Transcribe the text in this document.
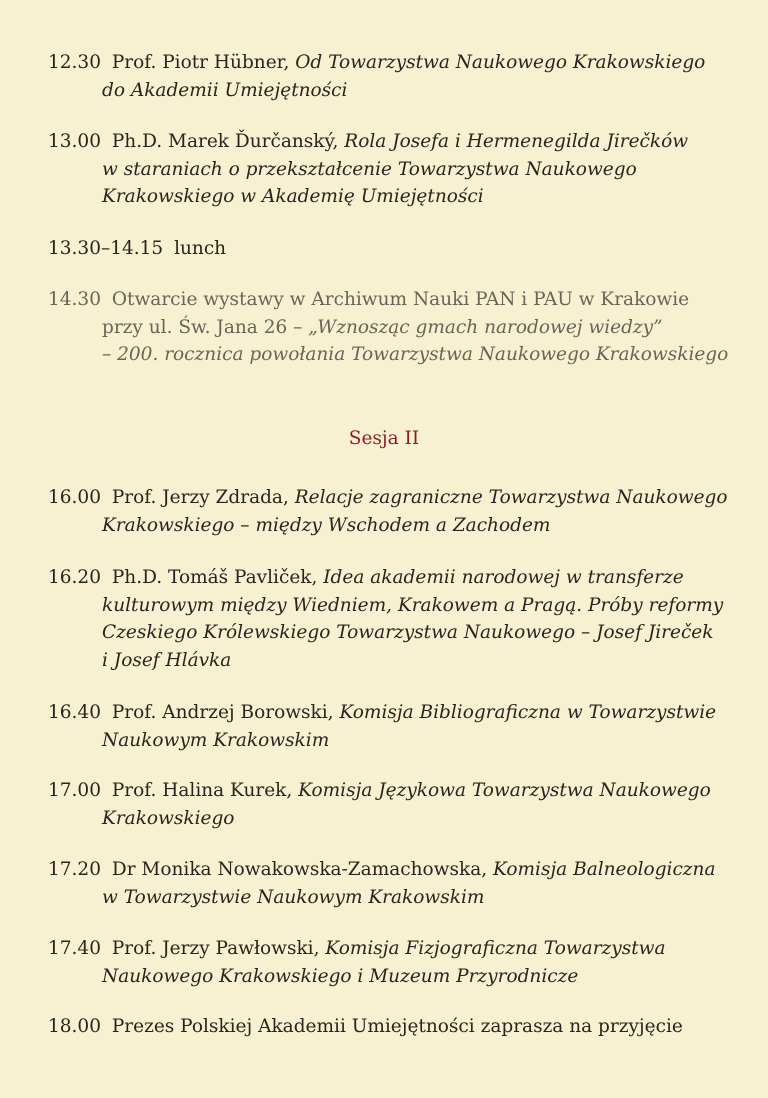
12.30 Prof. Piotr Hübner, Od Towarzystwa Naukowego Krakowskiego
do Akademii Umiejętności
13.00 Ph.D. Marek Ďurčanský, Rola Josefa i Hermenegilda Jirečków
w staraniach o przekształcenie Towarzystwa Naukowego
Krakowskiego w Akademię Umiejętności
13.30–14.15 lunch
14.30 Otwarcie wystawy w Archiwum Nauki PAN i PAU w Krakowie
przy ul. Św. Jana 26 – „Wznosząc gmach narodowej wiedzy”
– 200. rocznica powołania Towarzystwa Naukowego Krakowskiego
Sesja II
16.00 Prof. Jerzy Zdrada, Relacje zagraniczne Towarzystwa Naukowego
Krakowskiego – między Wschodem a Zachodem
16.20 Ph.D. Tomáš Pavliček, Idea akademii narodowej w transferze
kulturowym między Wiedniem, Krakowem a Pragą. Próby reformy
Czeskiego Królewskiego Towarzystwa Naukowego – Josef Jireček
i Josef Hlávka
16.40 Prof. Andrzej Borowski, Komisja Bibliograficzna w Towarzystwie
Naukowym Krakowskim
17.00 Prof. Halina Kurek, Komisja Językowa Towarzystwa Naukowego
Krakowskiego
17.20 Dr Monika Nowakowska-Zamachowska, Komisja Balneologiczna
w Towarzystwie Naukowym Krakowskim
17.40 Prof. Jerzy Pawłowski, Komisja Fizjograficzna Towarzystwa
Naukowego Krakowskiego i Muzeum Przyrodnicze
18.00 Prezes Polskiej Akademii Umiejętności zaprasza na przyjęcie
